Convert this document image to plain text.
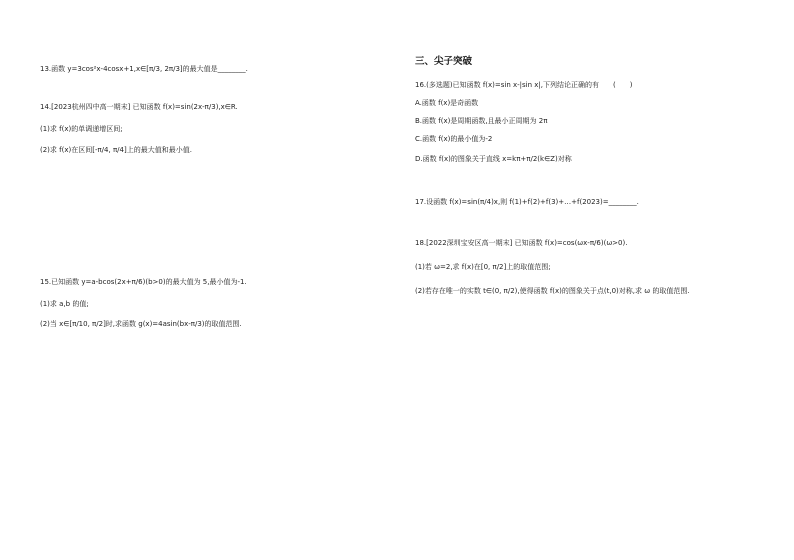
13.函数 y=3cos²x-4cosx+1,x∈[π/3, 2π/3]的最大值是________.
14.[2023杭州四中高一期末] 已知函数 f(x)=sin(2x-π/3),x∈R.
(1)求 f(x)的单调递增区间;
(2)求 f(x)在区间[-π/4, π/4]上的最大值和最小值.
15.已知函数 y=a-bcos(2x+π/6)(b>0)的最大值为 5,最小值为-1.
(1)求 a,b 的值;
(2)当 x∈[π/10, π/2]时,求函数 g(x)=4asin(bx-π/3)的取值范围.
三、尖子突破
16.(多选题)已知函数 f(x)=sin x-|sin x|,下列结论正确的有　　(　　)
A.函数 f(x)是奇函数
B.函数 f(x)是周期函数,且最小正周期为 2π
C.函数 f(x)的最小值为-2
D.函数 f(x)的图象关于直线 x=kπ+π/2(k∈Z)对称
17.设函数 f(x)=sin(π/4)x,则 f(1)+f(2)+f(3)+…+f(2023)=________.
18.[2022深圳宝安区高一期末] 已知函数 f(x)=cos(ωx-π/6)(ω>0).
(1)若 ω=2,求 f(x)在[0, π/2]上的取值范围;
(2)若存在唯一的实数 t∈(0, π/2),使得函数 f(x)的图象关于点(t,0)对称,求 ω 的取值范围.
